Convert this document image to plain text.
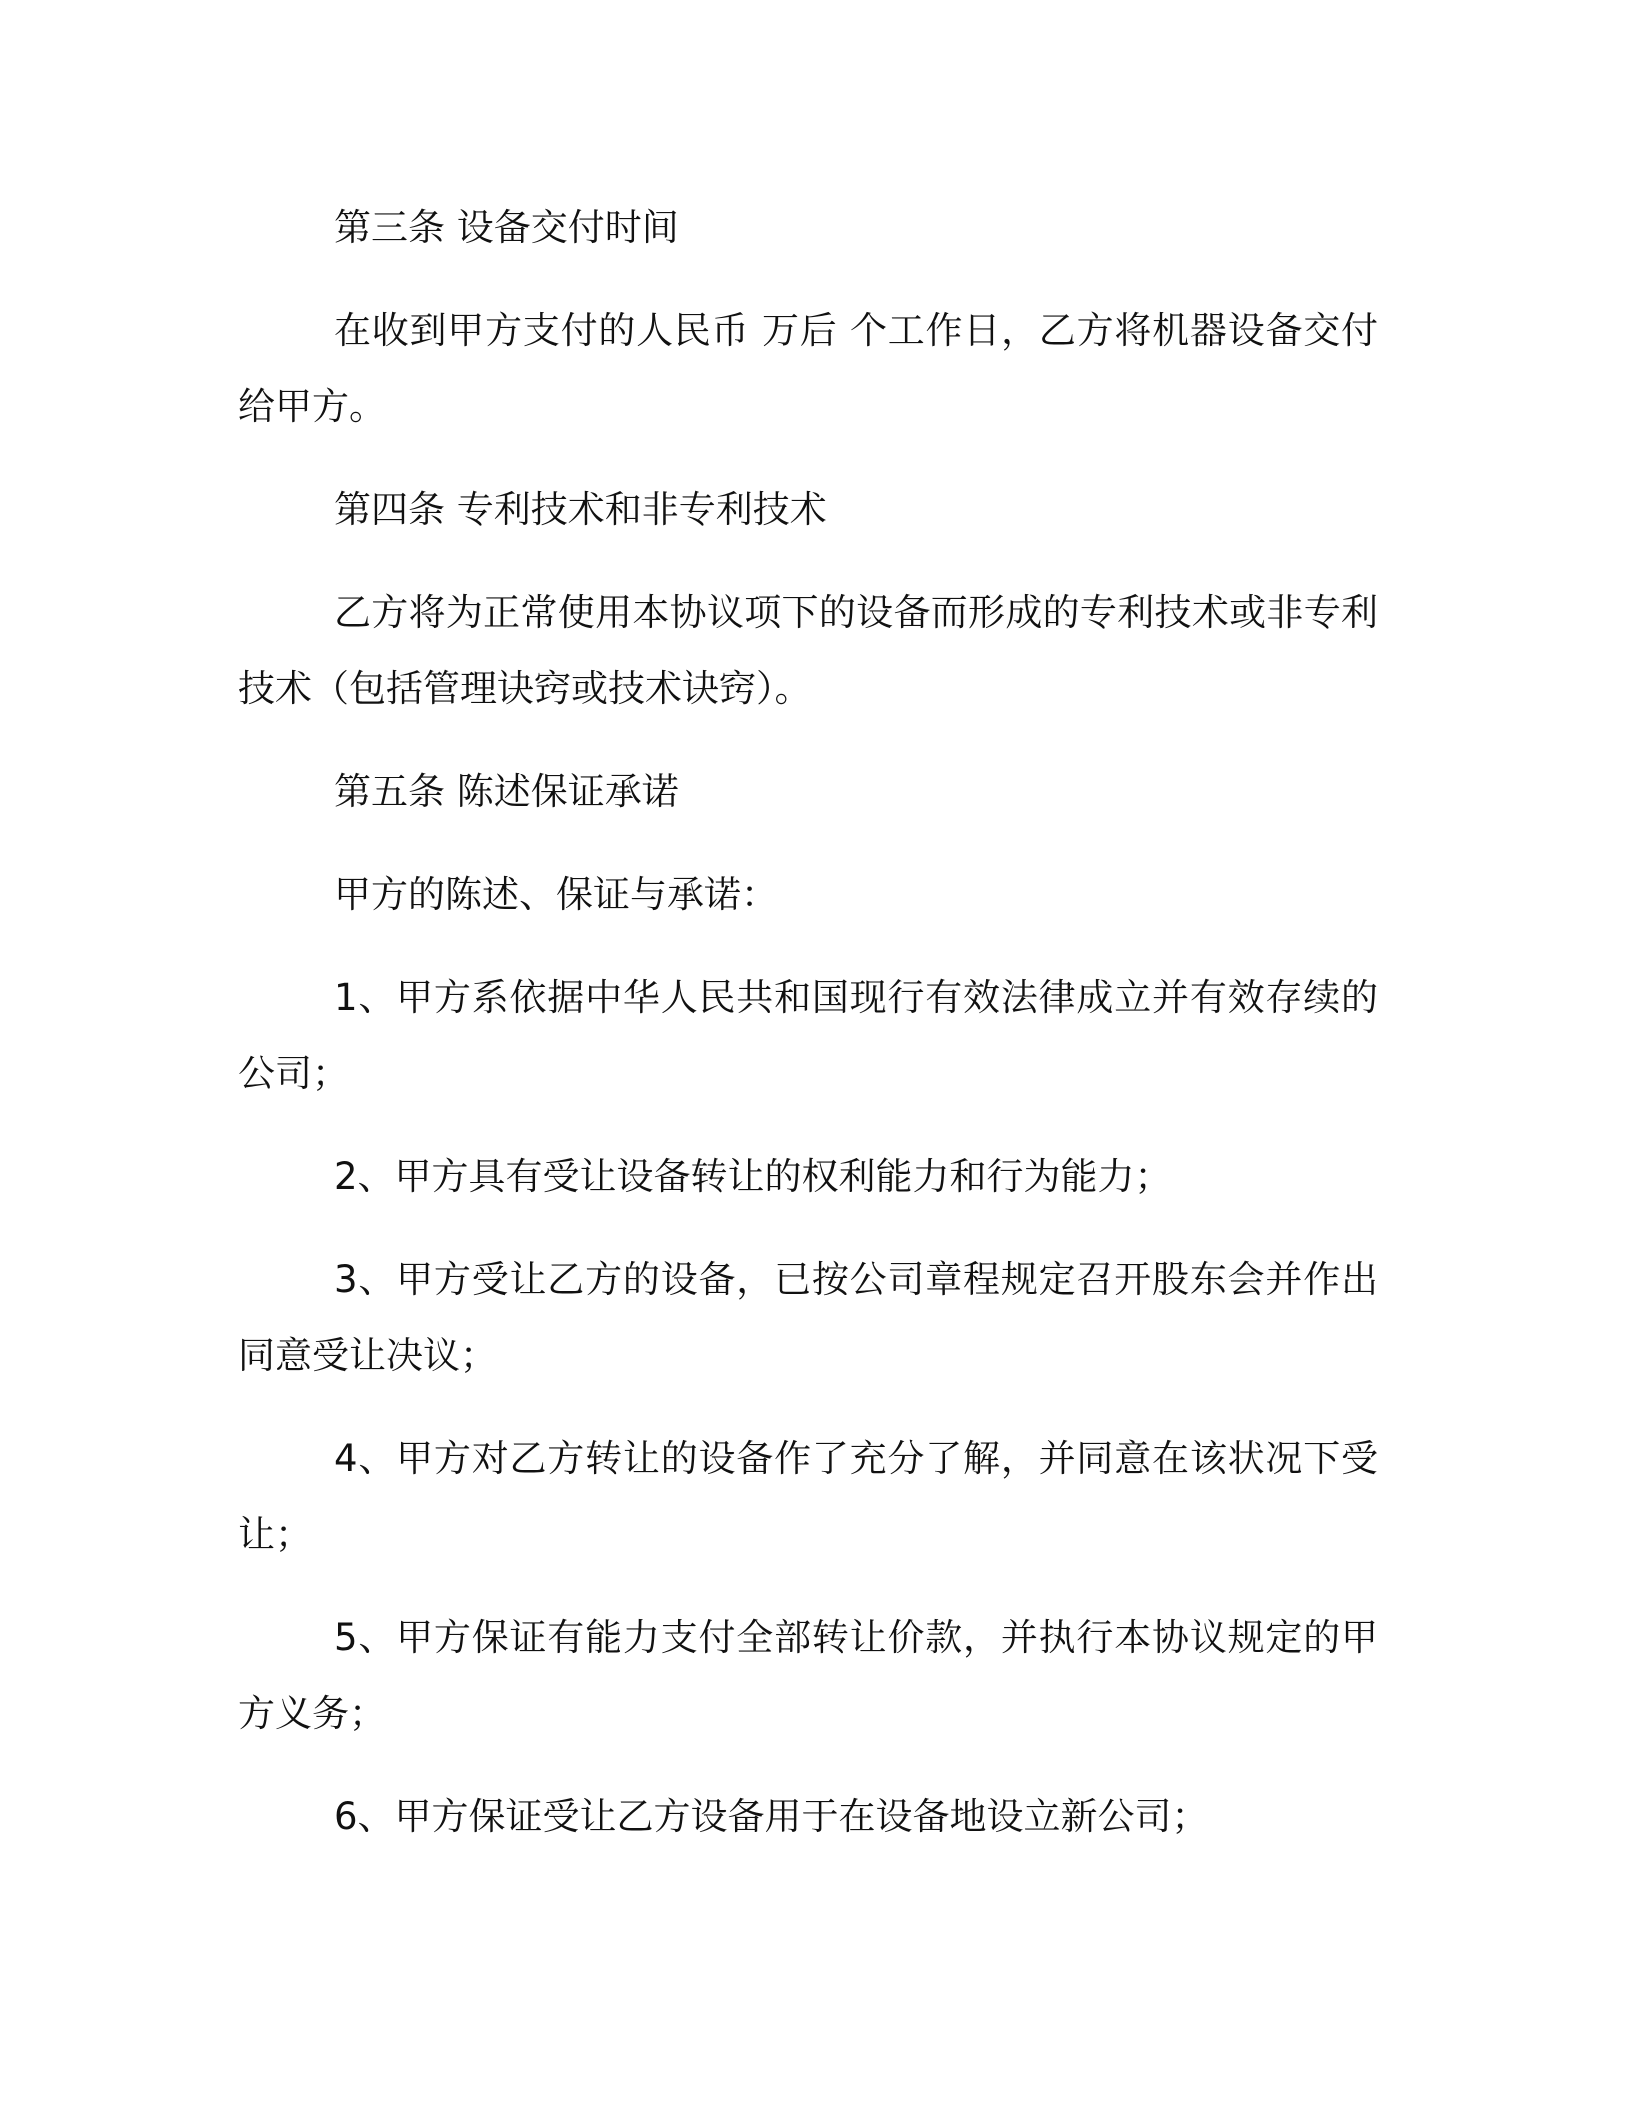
第三条 设备交付时间

在收到甲方支付的人民币 万后 个工作日，乙方将机器设备交付给甲方。

第四条 专利技术和非专利技术

乙方将为正常使用本协议项下的设备而形成的专利技术或非专利技术（包括管理诀窍或技术诀窍）。

第五条 陈述保证承诺

甲方的陈述、保证与承诺：

1、甲方系依据中华人民共和国现行有效法律成立并有效存续的公司；

2、甲方具有受让设备转让的权利能力和行为能力；

3、甲方受让乙方的设备，已按公司章程规定召开股东会并作出同意受让决议；

4、甲方对乙方转让的设备作了充分了解，并同意在该状况下受让；

5、甲方保证有能力支付全部转让价款，并执行本协议规定的甲方义务；

6、甲方保证受让乙方设备用于在设备地设立新公司；
